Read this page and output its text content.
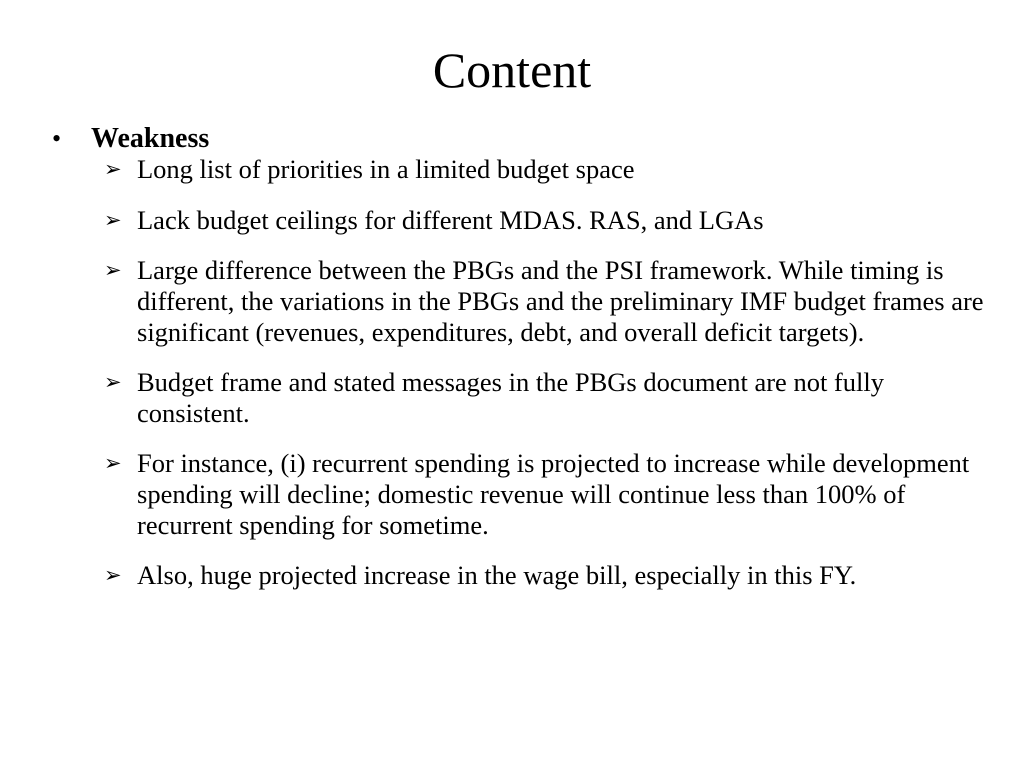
Content
• Weakness
➢ Long list of priorities in a limited budget space
➢ Lack budget ceilings for different MDAS. RAS, and LGAs
➢ Large difference between the PBGs and the PSI framework. While timing is different, the variations in the PBGs and the preliminary IMF budget frames are significant (revenues, expenditures, debt, and overall deficit targets).
➢ Budget frame and stated messages in the PBGs document are not fully consistent.
➢ For instance, (i) recurrent spending is projected to increase while development spending will decline; domestic revenue will continue less than 100% of recurrent spending for sometime.
➢ Also, huge projected increase in the wage bill, especially in this FY.
